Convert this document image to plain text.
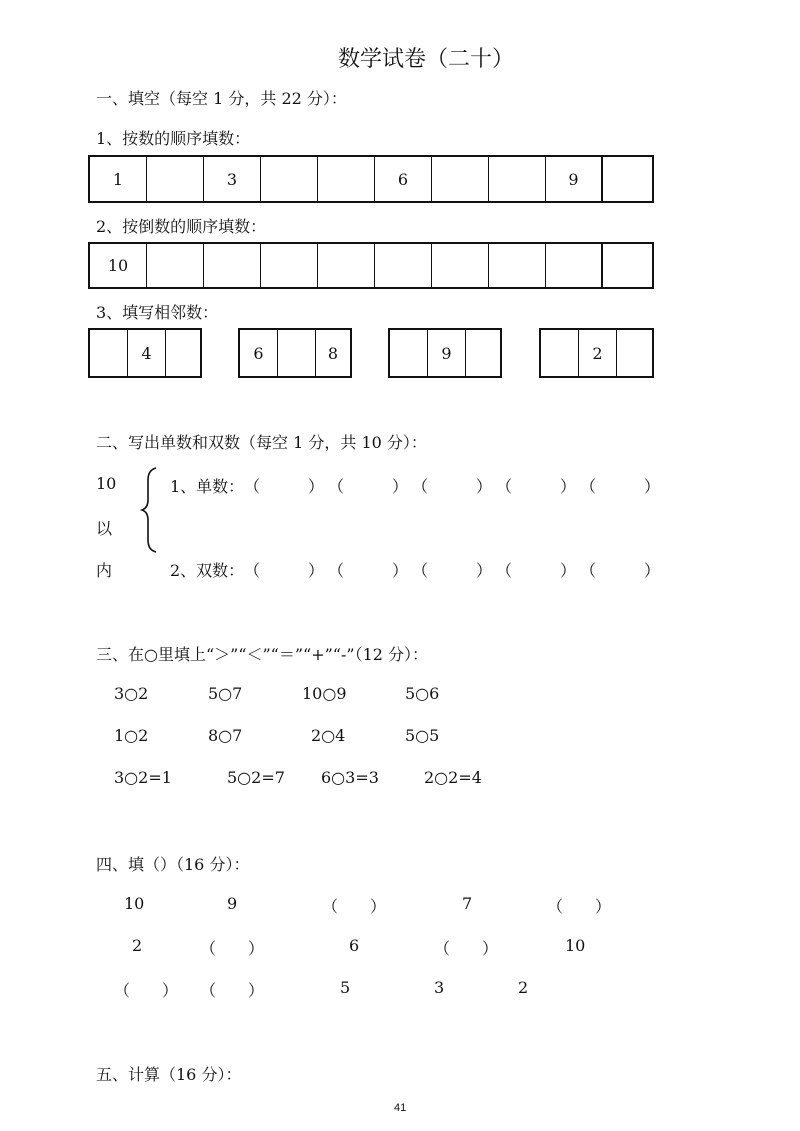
数学试卷（二十）
一、填空（每空 1 分，共 22 分）：
1、按数的顺序填数：
1	3	6	9
2、按倒数的顺序填数：
10
3、填写相邻数：
4	6	8	9	2
二、写出单数和双数（每空 1 分，共 10 分）：
10
以
内
1、单数： （　　　） （　　　） （　　　） （　　　） （　　　）
2、双数： （　　　） （　　　） （　　　） （　　　） （　　　）
三、在○里填上“＞”“＜”“＝”“+”“-”（12 分）：
3○2	5○7	10○9	5○6
1○2	8○7	2○4	5○5
3○2=1	5○2=7 6○3=3	2○2=4
四、填（）（16 分）：
10	9	（　　）	7	（　　）
2	（　　）	6	（　　）	10
（　　） （　　）	5	3	2
五、计算（16 分）：
41
